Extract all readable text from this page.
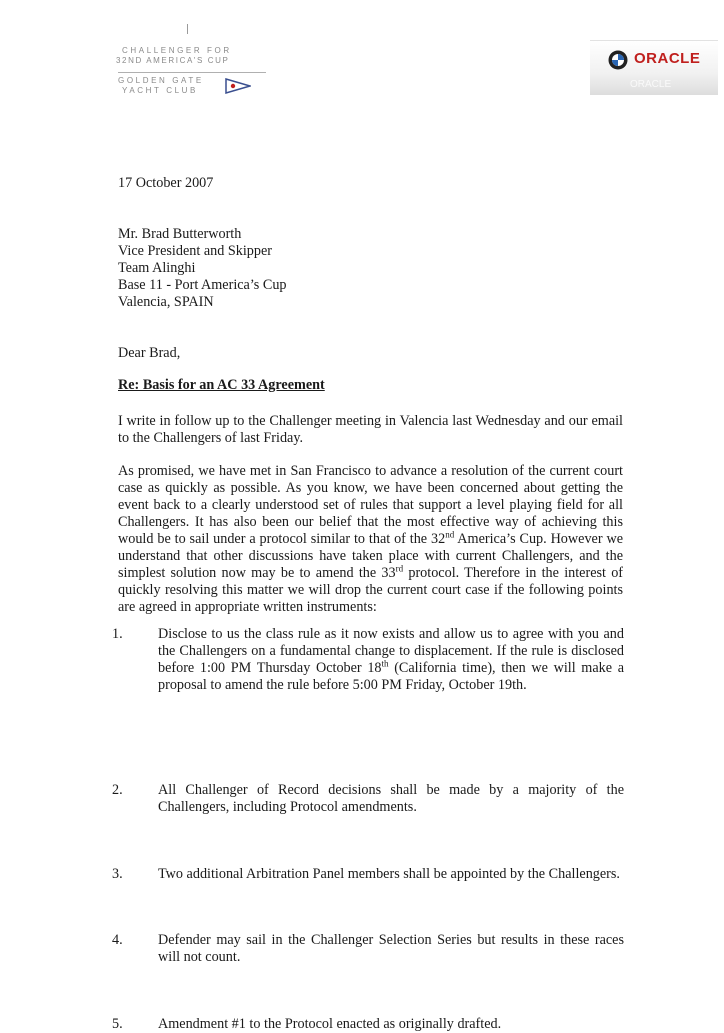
CHALLENGER FOR
32ND AMERICA'S CUP
GOLDEN GATE
YACHT CLUB
ORACLE
ORACLE
17 October 2007
Mr. Brad Butterworth
Vice President and Skipper
Team Alinghi
Base 11 - Port America’s Cup
Valencia, SPAIN
Dear Brad,
Re: Basis for an AC 33 Agreement
I write in follow up to the Challenger meeting in Valencia last Wednesday and our email to the Challengers of last Friday.
As promised, we have met in San Francisco to advance a resolution of the current court case as quickly as possible. As you know, we have been concerned about getting the event back to a clearly understood set of rules that support a level playing field for all Challengers. It has also been our belief that the most effective way of achieving this would be to sail under a protocol similar to that of the 32nd America’s Cup. However we understand that other discussions have taken place with current Challengers, and the simplest solution now may be to amend the 33rd protocol. Therefore in the interest of quickly resolving this matter we will drop the current court case if the following points are agreed in appropriate written instruments:
1. Disclose to us the class rule as it now exists and allow us to agree with you and the Challengers on a fundamental change to displacement. If the rule is disclosed before 1:00 PM Thursday October 18th (California time), then we will make a proposal to amend the rule before 5:00 PM Friday, October 19th.
2. All Challenger of Record decisions shall be made by a majority of the Challengers, including Protocol amendments.
3. Two additional Arbitration Panel members shall be appointed by the Challengers.
4. Defender may sail in the Challenger Selection Series but results in these races will not count.
5. Amendment #1 to the Protocol enacted as originally drafted.
